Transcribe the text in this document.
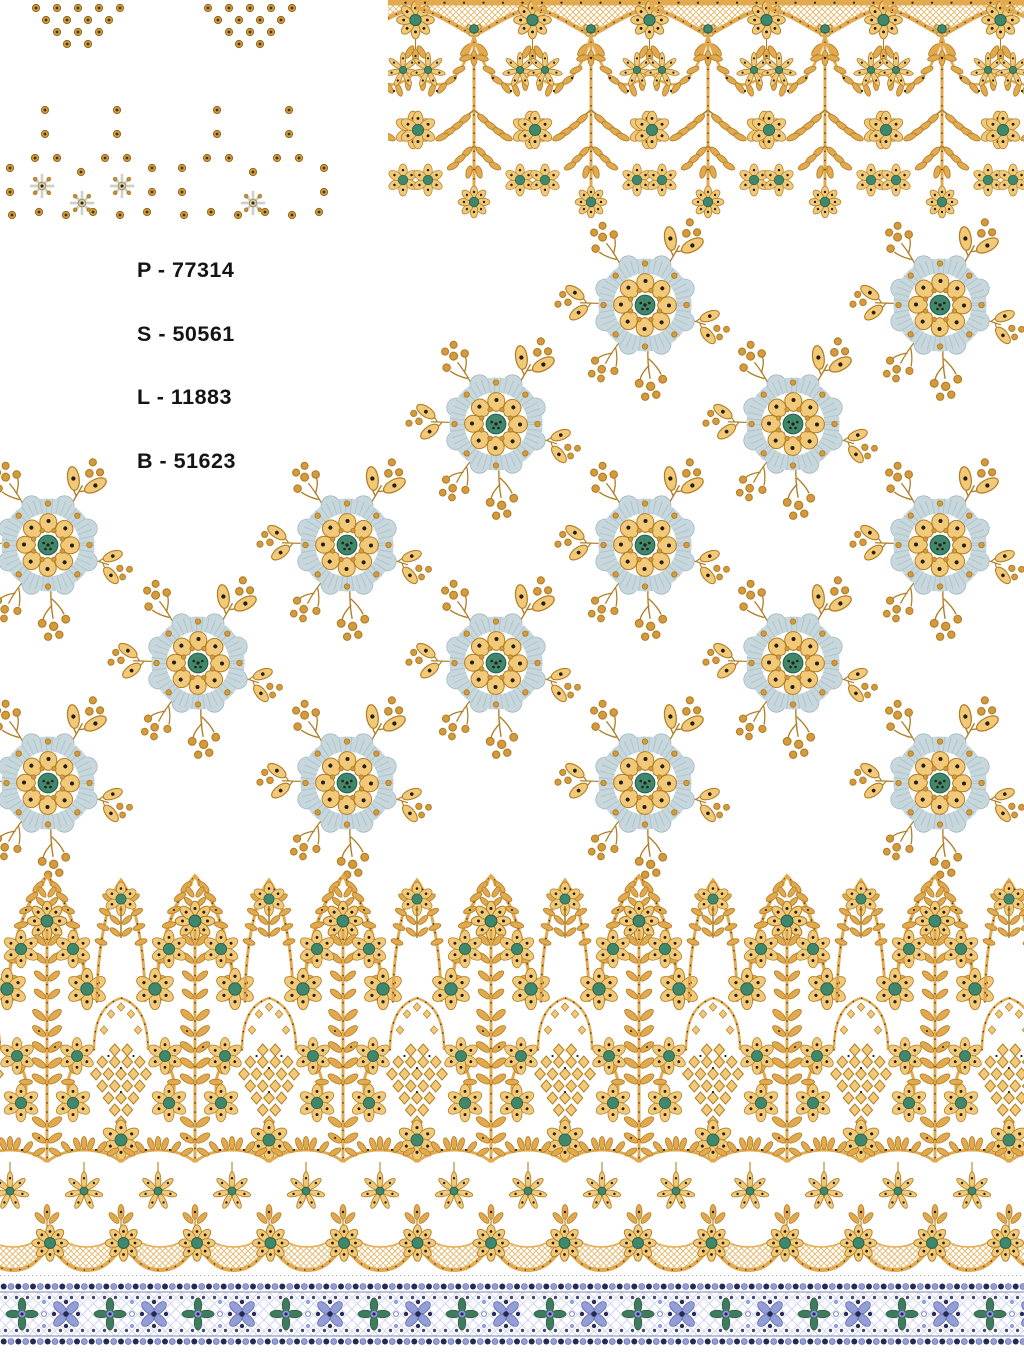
P - 77314
S - 50561
L - 11883
B - 51623
